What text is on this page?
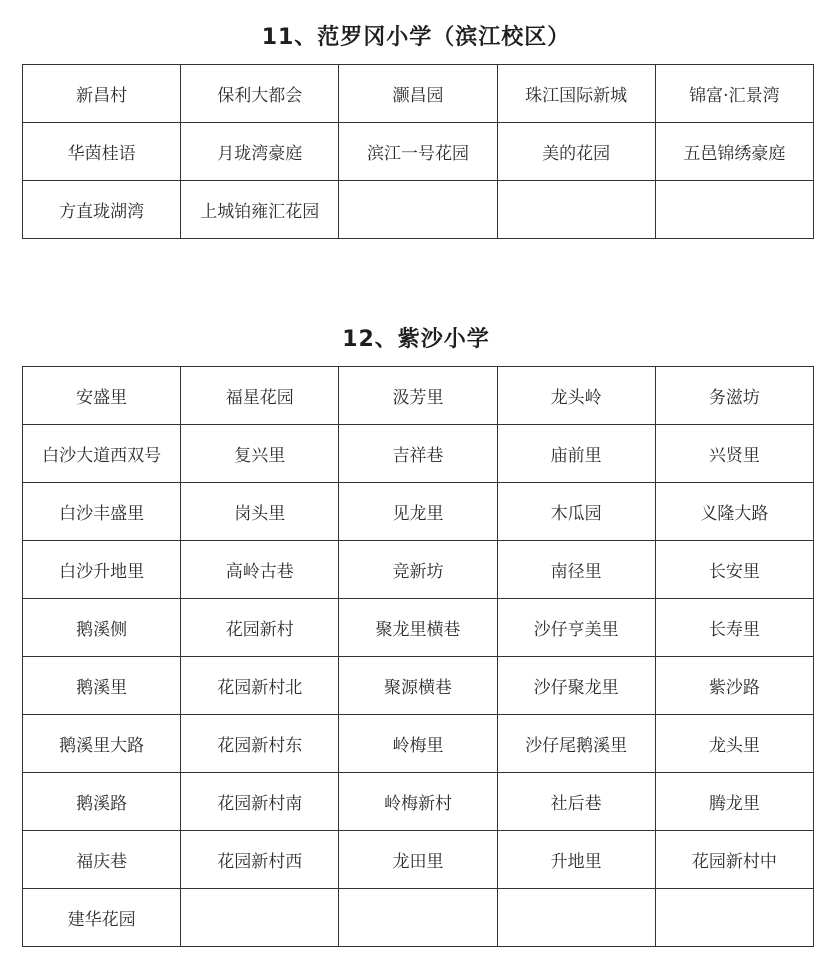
11、范罗冈小学（滨江校区）
新昌村	保利大都会	灏昌园	珠江国际新城	锦富·汇景湾
华茵桂语	月珑湾豪庭	滨江一号花园	美的花园	五邑锦绣豪庭
方直珑湖湾	上城铂雍汇花园			
12、紫沙小学
安盛里	福星花园	汲芳里	龙头岭	务滋坊
白沙大道西双号	复兴里	吉祥巷	庙前里	兴贤里
白沙丰盛里	岗头里	见龙里	木瓜园	义隆大路
白沙升地里	高岭古巷	竞新坊	南径里	长安里
鹅溪侧	花园新村	聚龙里横巷	沙仔亨美里	长寿里
鹅溪里	花园新村北	聚源横巷	沙仔聚龙里	紫沙路
鹅溪里大路	花园新村东	岭梅里	沙仔尾鹅溪里	龙头里
鹅溪路	花园新村南	岭梅新村	社后巷	腾龙里
福庆巷	花园新村西	龙田里	升地里	花园新村中
建华花园				
